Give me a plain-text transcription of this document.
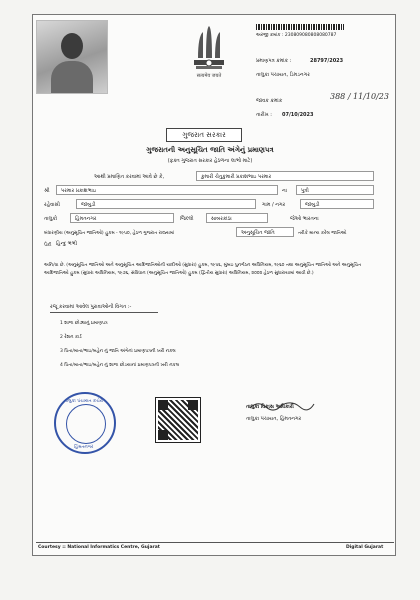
सत्यमेव जयते
અરજી ક્રમાંક : 230809080808080787
પ્રમાણપત્ર ક્રમાંક :	28797/2023
તાલુકા પંચાયત, ડિમડનગર
જાવક ક્રમાંક	388 / 11/10/23
તારીખ : 07/10/2023
ગુજરાત સરકાર
ગુજરાતની અનુસૂચિત જાતિ અંગેનું પ્રમાણપત્ર
(ફક્ત ગુજરાત સરકાર હેઠળના લાભો માટે)
આથી પ્રમાણિત કરવામાં આવે છે કે,	કુમારી ચેતુકુમારી પ્રકાશભાઇ પરમાર
શ્રી	પરમાર પ્રકાશભાઇ	ના	પુત્રી
રહેવાસી	જાંબુડી	ગામ / નગર	જાંબુડી
તાલુકો	હિંમતનગર	જિલ્લો	સાબરકાંઠા	જેઓ ભારતના
બંધારણીય (અનુસૂચિત જાતિઓ) હુકમ - ૧૯૫૦, હેઠળ ગુજરાત રાજ્યમાં	અનુસૂચિત જાતિ	તરીકે માન્ય કરેલ જાતિઓ
પૈકી હિન્દુ ભંભી
અનિ/વા છે. (અનુસૂચિત જાતિઓ અને અનુસૂચિત આદિજાતિઓની યાદીઓ (સુધારા) હુકમ, ૧૯૫૬, મુંબઇ પુનર્ગઠન અધિનિયમ, ૧૯૬૦ તથા અનુસૂચિત જાતિઓ અને અનુસૂચિત આદિજાતિઓ હુકમ (સુધારા અધિનિયમ, ૧૯૭૬, સંવિધાન (અનુસૂચિત જાતિઓ) હુકમ (દ્વિતીય સુધારા) અધિનિયમ, ૨૦૦૨ હેઠળ સુધારાયામાં આવી છે.)
રજૂ કરવામાં આવેલ પુરાવાઓની વિગત :-
1 શાળા છોડ્યાનું પ્રમાણપત્ર
2 રેશન કાર્ડ
3 પિતા/માતા/ભાઇ/બહેન નું જાતિ અંગેનાં પ્રમાણપત્રની ખરી નકલ
4 પિતા/માતા/ભાઇ/બહેન નું શાળા છોડયાનાં પ્રમાણપત્રની ખરી નકલ
તાલુકા પંચાયત કચેરી
હિંમતનગર
તાલુકા વિકાસ અધિકારી
તાલુકા પંચાયત, હિંમતનગર
Courtesy :: National Informatics Centre, Gujarat	Digital Gujarat
